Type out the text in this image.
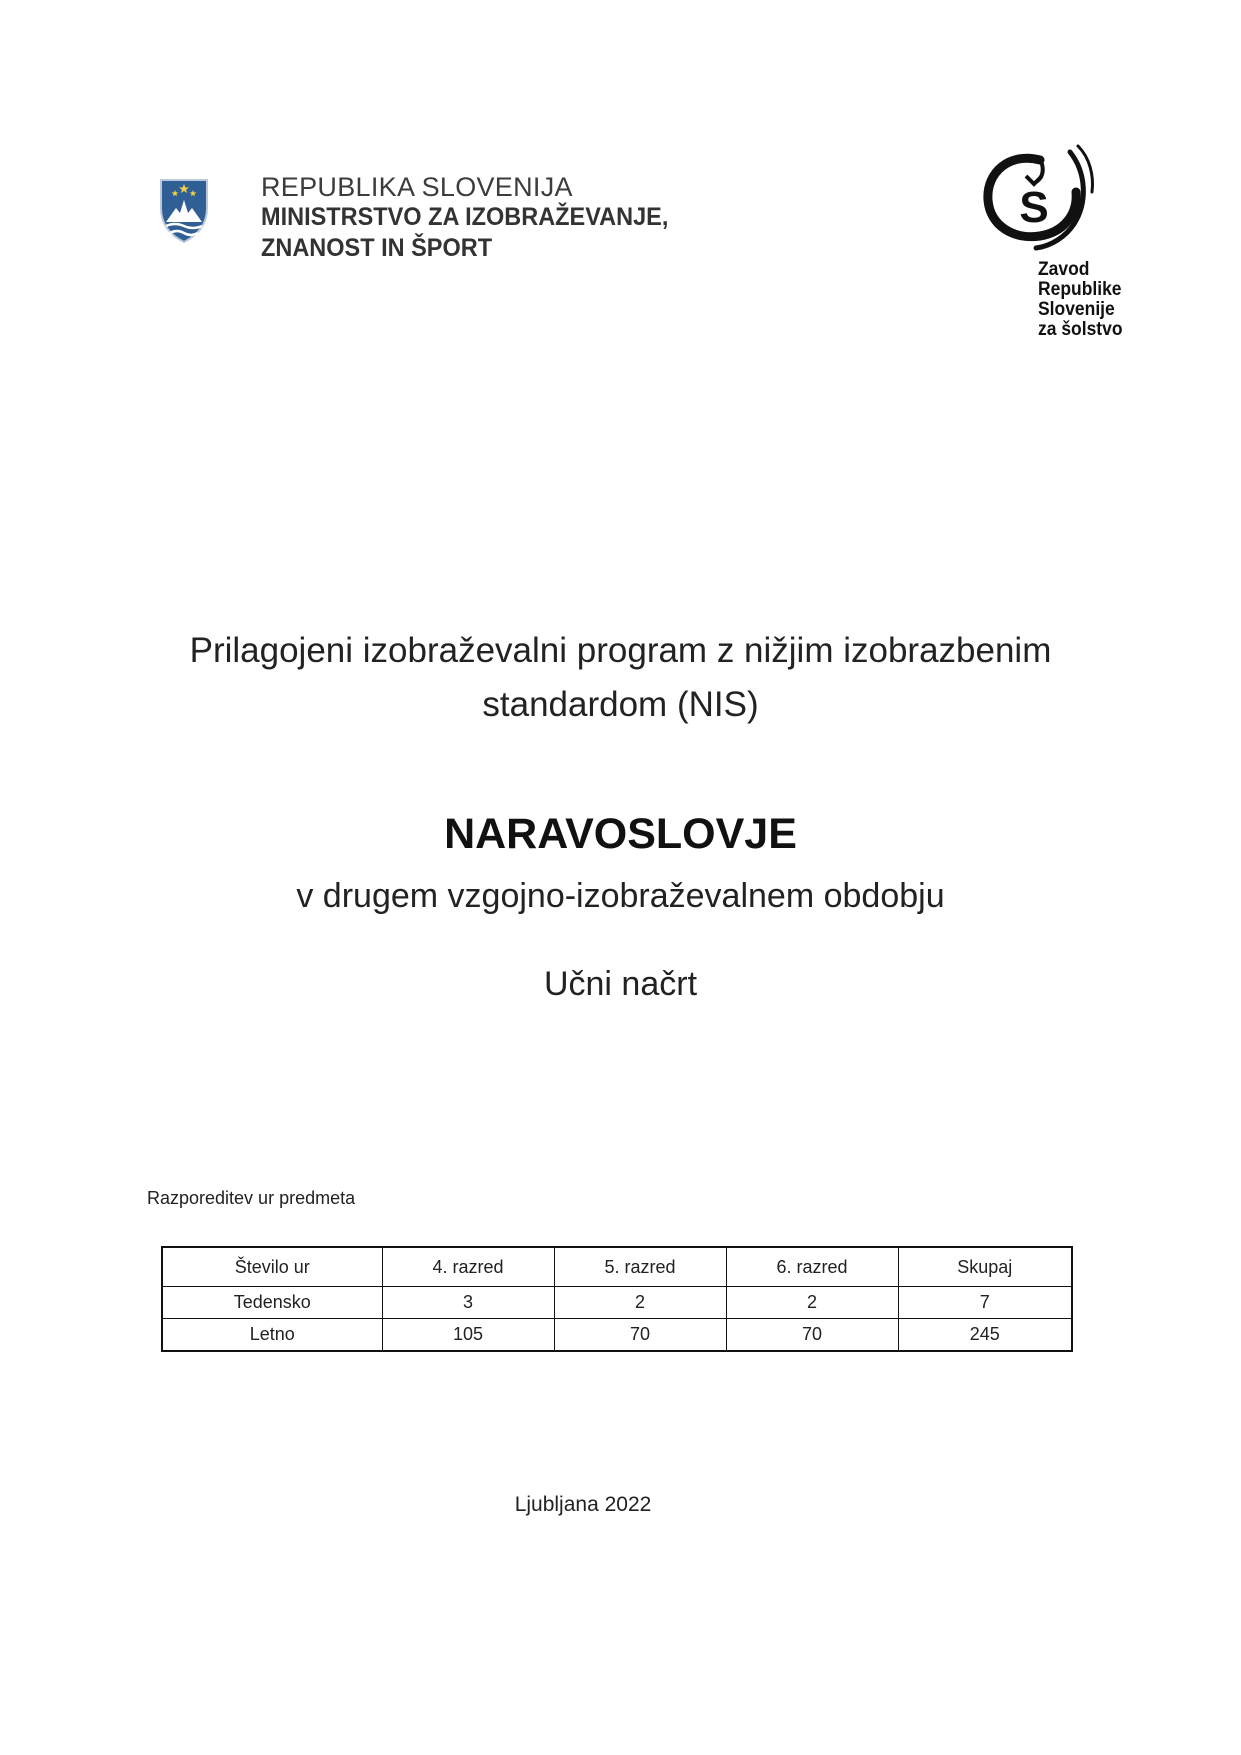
REPUBLIKA SLOVENIJA
MINISTRSTVO ZA IZOBRAŽEVANJE,
ZNANOST IN ŠPORT
S
Zavod
Republike
Slovenije
za šolstvo
Prilagojeni izobraževalni program z nižjim izobrazbenim
standardom (NIS)
NARAVOSLOVJE
v drugem vzgojno-izobraževalnem obdobju
Učni načrt
Razporeditev ur predmeta
Število ur	4. razred	5. razred	6. razred	Skupaj
Tedensko	3	2	2	7
Letno	105	70	70	245
Ljubljana 2022
